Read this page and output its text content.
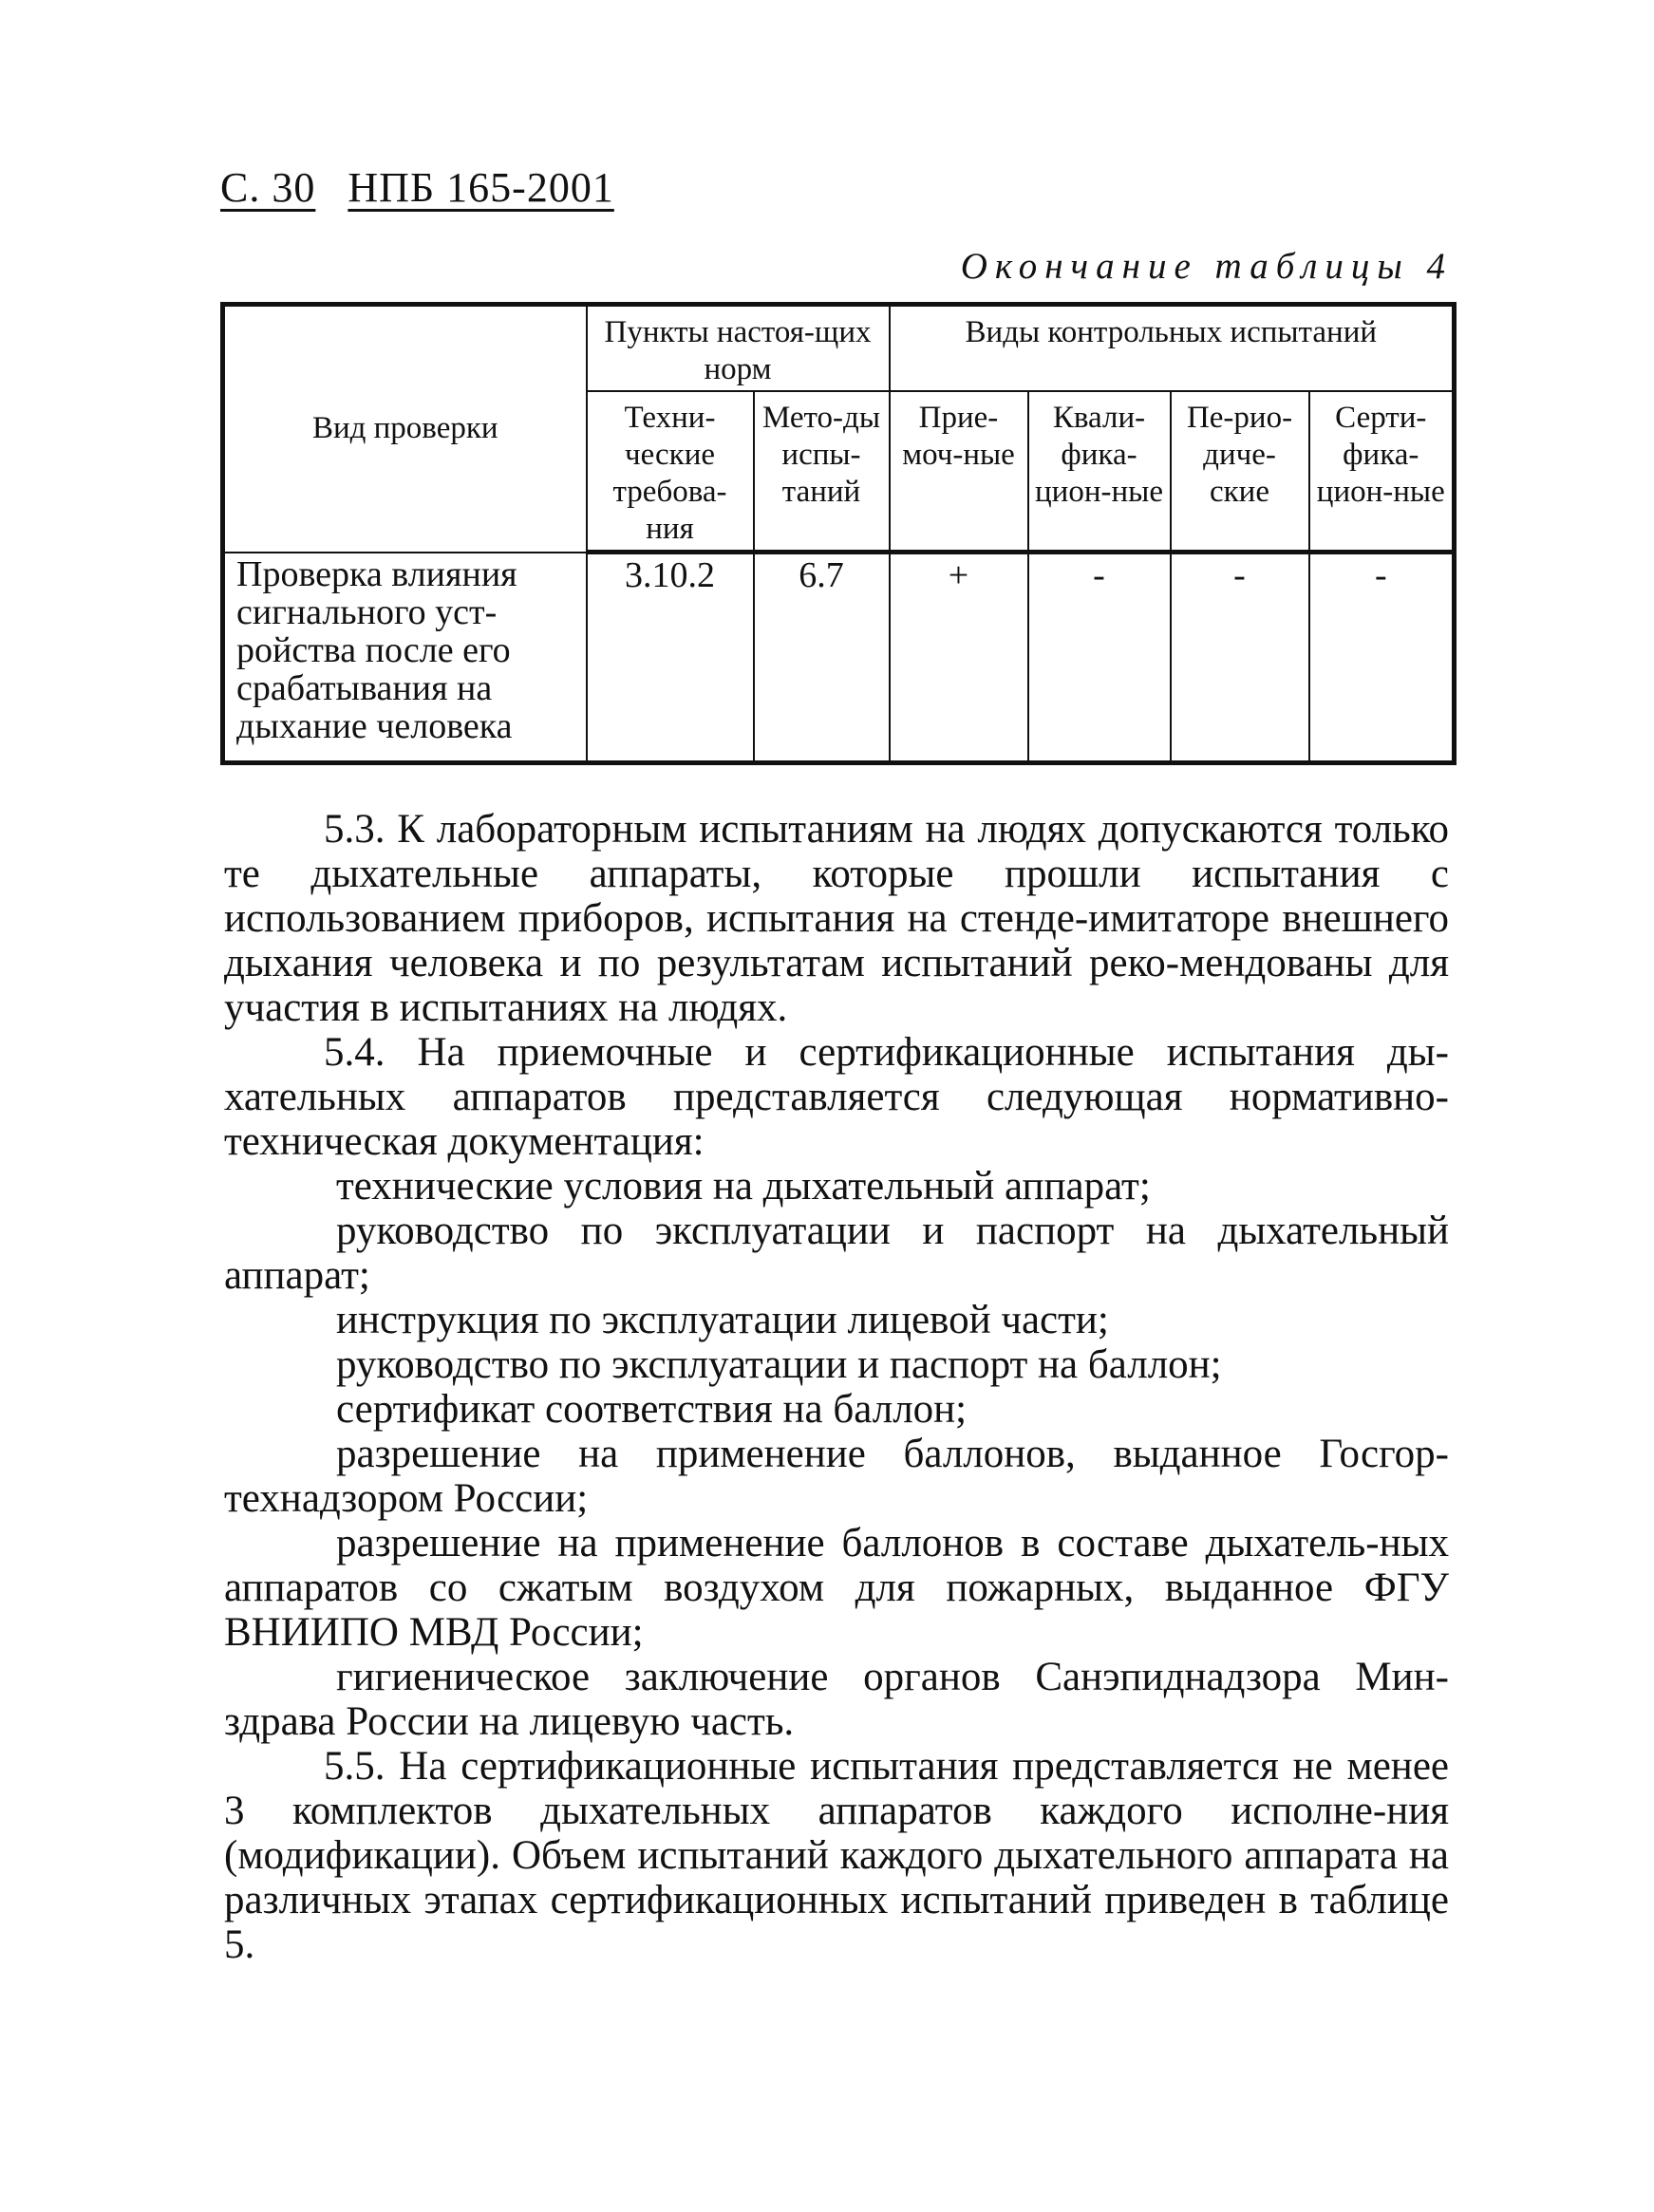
С. 30 НПБ 165-2001
Окончание таблицы 4
Вид проверки	Пункты настоя-щих норм		Виды контрольных испытаний			
	Техни-ческие требова-ния	Мето-ды испы-таний	Прие-моч-ные	Квали-фика-цион-ные	Пе-рио-диче-ские	Серти-фика-цион-ные
Проверка влияния сигнального уст-ройства после его срабатывания на дыхание человека	3.10.2	6.7	+	-	-	-

5.3. К лабораторным испытаниям на людях допускаются только те дыхательные аппараты, которые прошли испытания с использованием приборов, испытания на стенде-имитаторе внешнего дыхания человека и по результатам испытаний реко-мендованы для участия в испытаниях на людях.

5.4. На приемочные и сертификационные испытания ды-хательных аппаратов представляется следующая нормативно-техническая документация:

технические условия на дыхательный аппарат;

руководство по эксплуатации и паспорт на дыхательный аппарат;

инструкция по эксплуатации лицевой части;

руководство по эксплуатации и паспорт на баллон;

сертификат соответствия на баллон;

разрешение на применение баллонов, выданное Госгор-технадзором России;

разрешение на применение баллонов в составе дыхатель-ных аппаратов со сжатым воздухом для пожарных, выданное ФГУ ВНИИПО МВД России;

гигиеническое заключение органов Санэпиднадзора Мин-здрава России на лицевую часть.

5.5. На сертификационные испытания представляется не менее 3 комплектов дыхательных аппаратов каждого исполне-ния (модификации). Объем испытаний каждого дыхательного аппарата на различных этапах сертификационных испытаний приведен в таблице 5.
